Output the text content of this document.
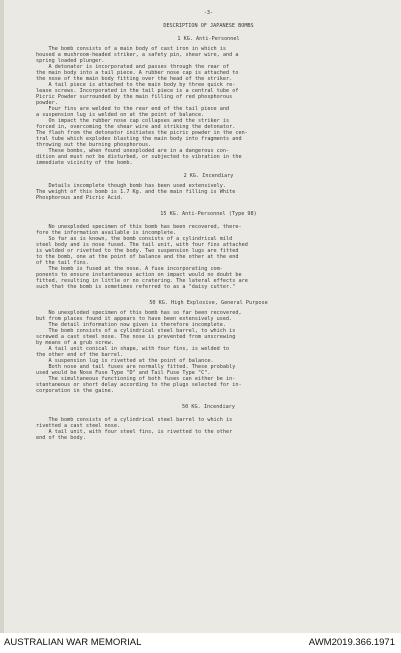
-3-

DESCRIPTION OF JAPANESE BOMBS

1 KG. Anti-Personnel

The bomb consists of a main body of cast iron in which is
housed a mushroom-headed striker, a safety pin, shear wire, and a
spring loaded plunger.
A detonator is incorporated and passes through the rear of
the main body into a tail piece. A rubber nose cap is attached to
the nose of the main body fitting over the head of the striker.
A tail piece is attached to the main body by three quick re-
lease screws. Incorporated in the tail piece is a central tube of
Picric Powder surrounded by the main filling of red phosphorous
powder.
Four fins are welded to the rear end of the tail piece and
a suspension lug is welded on at the point of balance.
On impact the rubber nose cap collapses and the striker is
forced in, overcoming the shear wire and striking the detonator.
The flash from the detonator initiates the picric powder in the cen-
tral tube which explodes blasting the main body into fragments and
throwing out the burning phosphorous.
These bombs, when found unexploded are in a dangerous con-
dition and must not be disturbed, or subjected to vibration in the
immediate vicinity of the bomb.

2 KG. Incendiary

Details incomplete though bomb has been used extensively.
The weight of this bomb is 1.7 Kg. and the main filling is White
Phosphorous and Picric Acid.

15 KG. Anti-Personnel (Type 98)

No unexploded specimen of this bomb has been recovered, there-
fore the information available is incomplete.
So far as is known, the bomb consists of a cylindrical mild
steel body and is nose fused. The tail unit, with four fins attached
is welded or rivetted to the body. Two suspension lugs are fitted
to the bomb, one at the point of balance and the other at the end
of the tail fins.
The bomb is fused at the nose. A fuse incorporating com-
ponents to ensure instantaneous action on impact would no doubt be
fitted, resulting in little or no cratering. The lateral effects are
such that the bomb is sometimes referred to as a "daisy cutter."

50 KG. High Explosive, General Purpose

No unexploded specimen of this bomb has so far been recovered,
but from places found it appears to have been extensively used.
The detail information now given is therefore incomplete.
The bomb consists of a cylindrical steel barrel, to which is
screwed a cast steel nose. The nose is prevented from unscrewing
by means of a grub screw.
A tail unit conical in shape, with four fins, is welded to
the other end of the barrel.
A suspension lug is rivetted at the point of balance.
Both nose and tail fuses are normally fitted. These probably
used would be Nose Fuse Type "D" and Tail Fuse Type "C".
The simultaneous functioning of both fuses can either be in-
stantaneous or short delay according to the plugs selected for in-
corporation in the gaine.

50 KG. Incendiary

The bomb consists of a cylindrical steel barrel to which is
rivetted a cast steel nose.
A tail unit, with four steel fins, is rivetted to the other
end of the body.

AUSTRALIAN WAR MEMORIAL	AWM2019.366.1971
